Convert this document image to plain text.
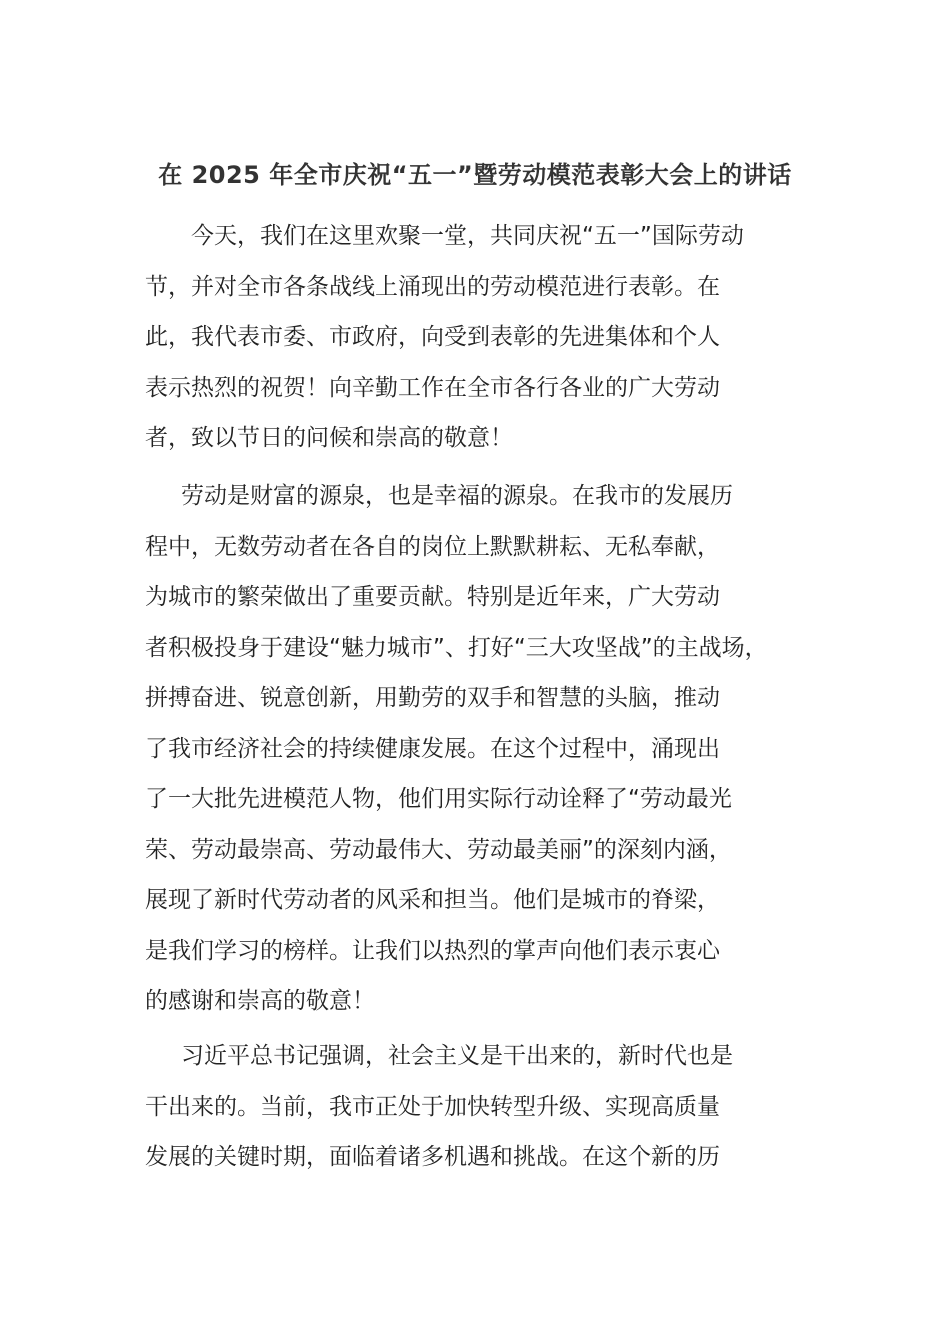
在 2025 年全市庆祝“五一”暨劳动模范表彰大会上的讲话

今天，我们在这里欢聚一堂，共同庆祝“五一”国际劳动
节，并对全市各条战线上涌现出的劳动模范进行表彰。在
此，我代表市委、市政府，向受到表彰的先进集体和个人
表示热烈的祝贺！向辛勤工作在全市各行各业的广大劳动
者，致以节日的问候和崇高的敬意！

劳动是财富的源泉，也是幸福的源泉。在我市的发展历
程中，无数劳动者在各自的岗位上默默耕耘、无私奉献，
为城市的繁荣做出了重要贡献。特别是近年来，广大劳动
者积极投身于建设“魅力城市”、打好“三大攻坚战”的主战场，
拼搏奋进、锐意创新，用勤劳的双手和智慧的头脑，推动
了我市经济社会的持续健康发展。在这个过程中，涌现出
了一大批先进模范人物，他们用实际行动诠释了“劳动最光
荣、劳动最崇高、劳动最伟大、劳动最美丽”的深刻内涵，
展现了新时代劳动者的风采和担当。他们是城市的脊梁，
是我们学习的榜样。让我们以热烈的掌声向他们表示衷心
的感谢和崇高的敬意！

习近平总书记强调，社会主义是干出来的，新时代也是
干出来的。当前，我市正处于加快转型升级、实现高质量
发展的关键时期，面临着诸多机遇和挑战。在这个新的历
